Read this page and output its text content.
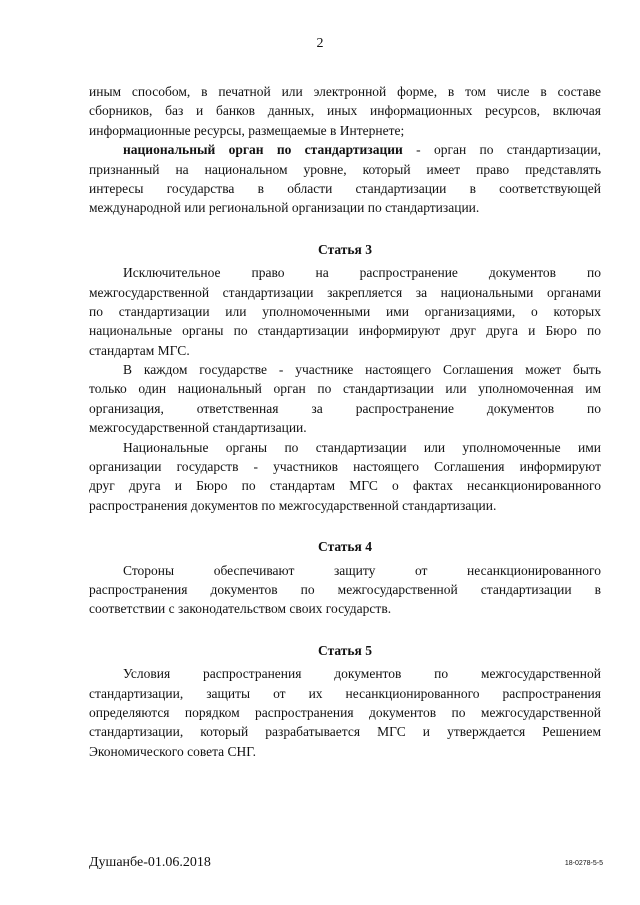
2
иным способом, в печатной или электронной форме, в том числе в составе
сборников, баз и банков данных, иных информационных ресурсов, включая
информационные ресурсы, размещаемые в Интернете;
национальный орган по стандартизации - орган по стандартизации,
признанный на национальном уровне, который имеет право представлять
интересы государства в области стандартизации в соответствующей
международной или региональной организации по стандартизации.
Статья 3
Исключительное право на распространение документов по
межгосударственной стандартизации закрепляется за национальными органами
по стандартизации или уполномоченными ими организациями, о которых
национальные органы по стандартизации информируют друг друга и Бюро по
стандартам МГС.
В каждом государстве - участнике настоящего Соглашения может быть
только один национальный орган по стандартизации или уполномоченная им
организация, ответственная за распространение документов по
межгосударственной стандартизации.
Национальные органы по стандартизации или уполномоченные ими
организации государств - участников настоящего Соглашения информируют
друг друга и Бюро по стандартам МГС о фактах несанкционированного
распространения документов по межгосударственной стандартизации.
Статья 4
Стороны обеспечивают защиту от несанкционированного
распространения документов по межгосударственной стандартизации в
соответствии с законодательством своих государств.
Статья 5
Условия распространения документов по межгосударственной
стандартизации, защиты от их несанкционированного распространения
определяются порядком распространения документов по межгосударственной
стандартизации, который разрабатывается МГС и утверждается Решением
Экономического совета СНГ.
Душанбе-01.06.2018	18-0278-5-5
